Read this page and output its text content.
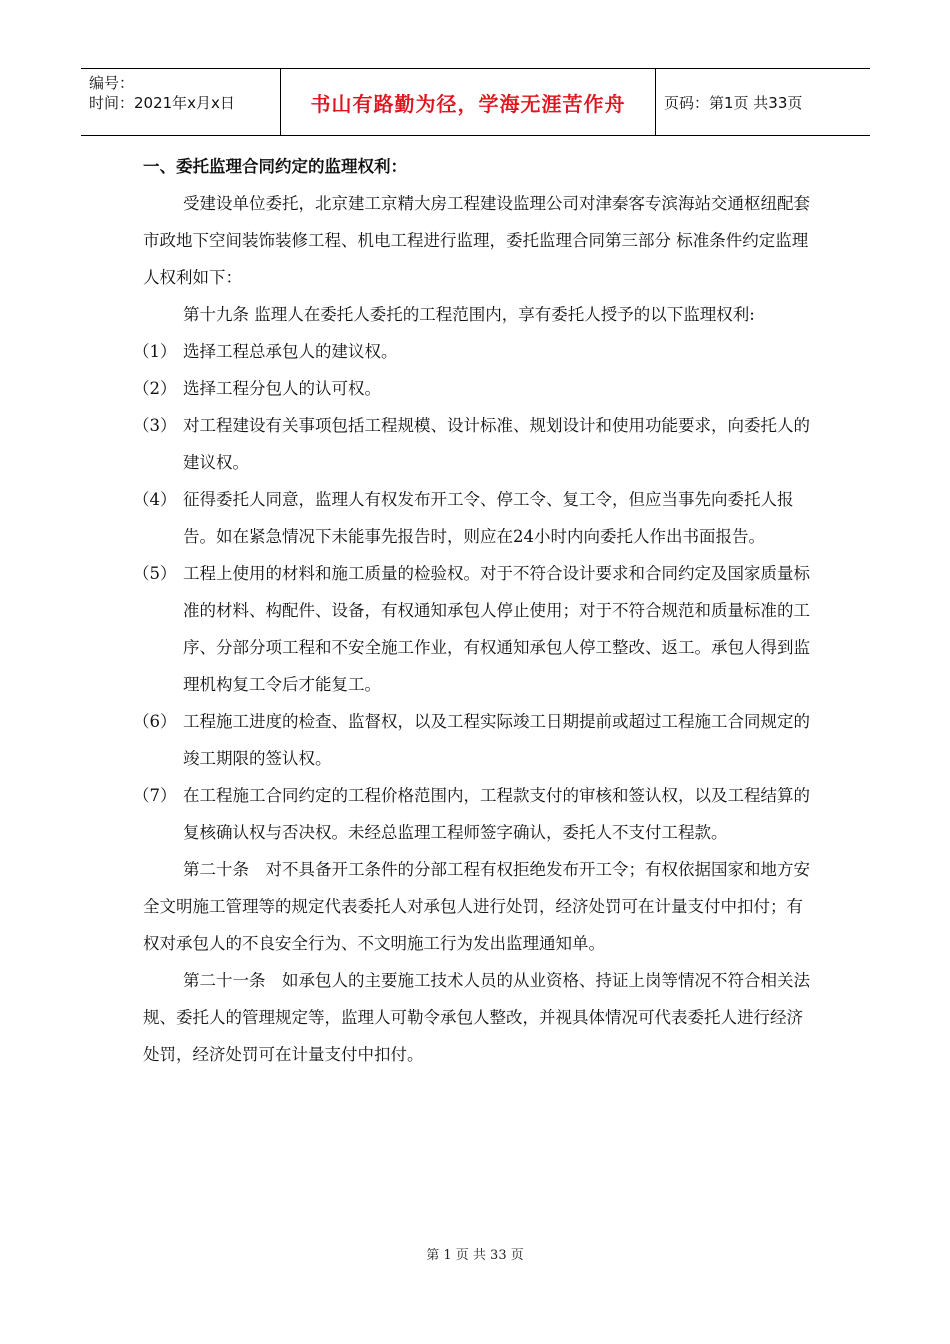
编号：
时间：2021年x月x日	书山有路勤为径，学海无涯苦作舟	页码：第1页 共33页
一、委托监理合同约定的监理权利：

受建设单位委托，北京建工京精大房工程建设监理公司对津秦客专滨海站交通枢纽配套市政地下空间装饰装修工程、机电工程进行监理，委托监理合同第三部分 标准条件约定监理人权利如下：

第十九条 监理人在委托人委托的工程范围内，享有委托人授予的以下监理权利:

（1） 选择工程总承包人的建议权。
（2） 选择工程分包人的认可权。
（3） 对工程建设有关事项包括工程规模、设计标准、规划设计和使用功能要求，向委托人的建议权。
（4） 征得委托人同意，监理人有权发布开工令、停工令、复工令，但应当事先向委托人报告。如在紧急情况下未能事先报告时，则应在24小时内向委托人作出书面报告。
（5） 工程上使用的材料和施工质量的检验权。对于不符合设计要求和合同约定及国家质量标准的材料、构配件、设备，有权通知承包人停止使用；对于不符合规范和质量标准的工序、分部分项工程和不安全施工作业，有权通知承包人停工整改、返工。承包人得到监理机构复工令后才能复工。
（6） 工程施工进度的检查、监督权，以及工程实际竣工日期提前或超过工程施工合同规定的竣工期限的签认权。
（7） 在工程施工合同约定的工程价格范围内，工程款支付的审核和签认权，以及工程结算的复核确认权与否决权。未经总监理工程师签字确认，委托人不支付工程款。

第二十条　对不具备开工条件的分部工程有权拒绝发布开工令；有权依据国家和地方安全文明施工管理等的规定代表委托人对承包人进行处罚，经济处罚可在计量支付中扣付；有权对承包人的不良安全行为、不文明施工行为发出监理通知单。

第二十一条　如承包人的主要施工技术人员的从业资格、持证上岗等情况不符合相关法规、委托人的管理规定等，监理人可勒令承包人整改，并视具体情况可代表委托人进行经济处罚，经济处罚可在计量支付中扣付。

第 1 页 共 33 页
